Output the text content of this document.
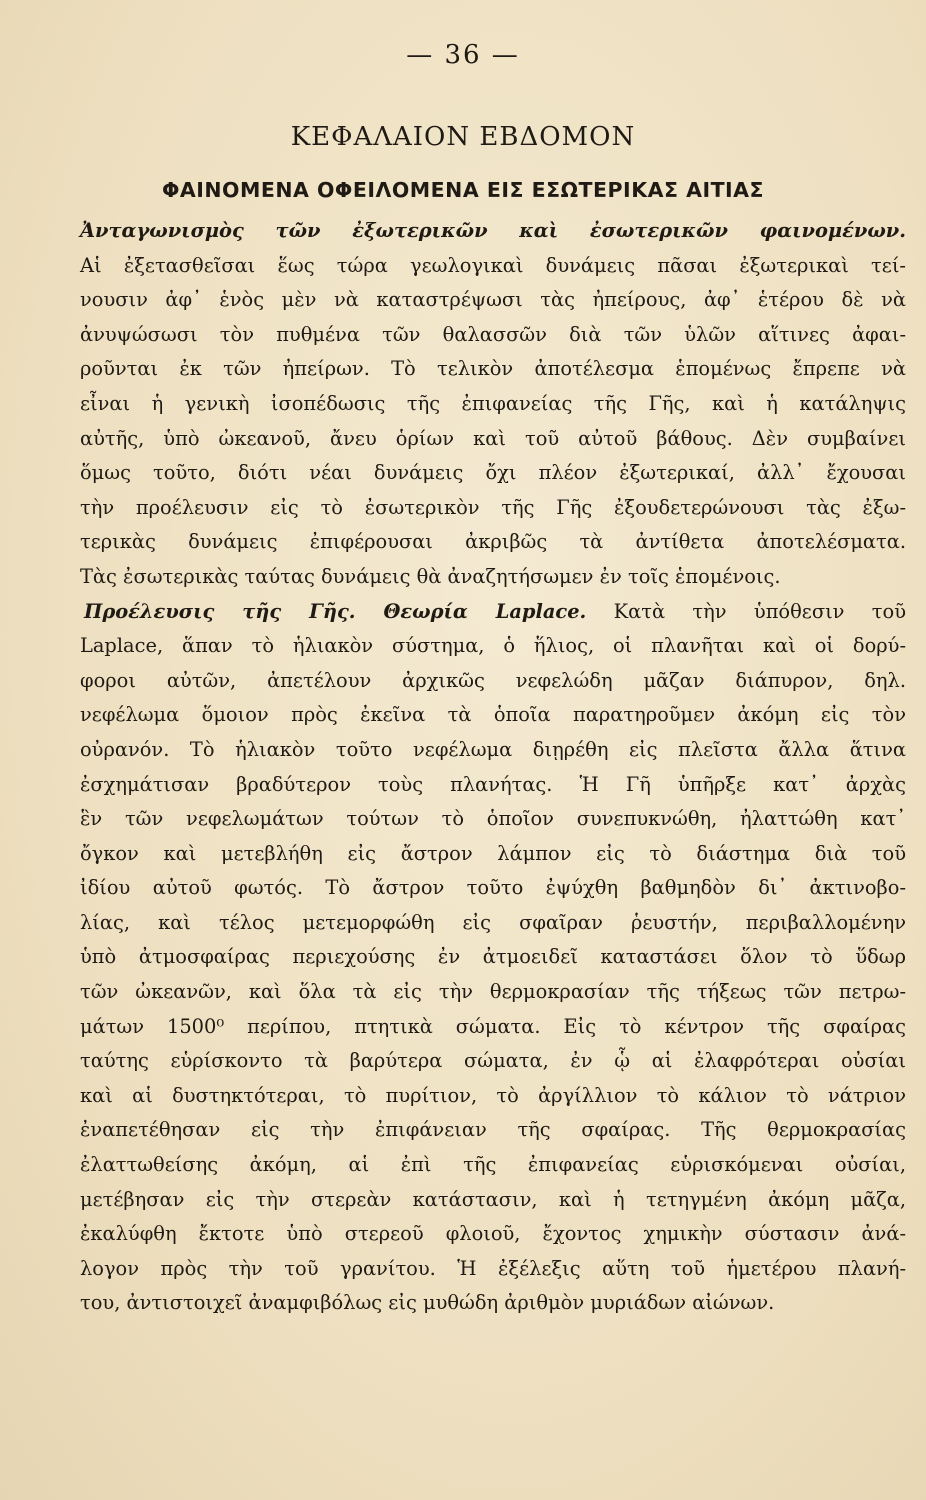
— 36 —
ΚΕΦΑΛΑΙΟΝ ΕΒΔΟΜΟΝ
ΦΑΙΝΟΜΕΝΑ ΟΦΕΙΛΟΜΕΝΑ ΕΙΣ ΕΣΩΤΕΡΙΚΑΣ ΑΙΤΙΑΣ
Ἀνταγωνισμὸς τῶν ἐξωτερικῶν καὶ ἐσωτερικῶν φαινομένων.
Αἱ ἐξετασθεῖσαι ἕως τώρα γεωλογικαὶ δυνάμεις πᾶσαι ἐξωτερικαὶ τεί-
νουσιν ἀφ᾽ ἑνὸς μὲν νὰ καταστρέψωσι τὰς ἠπείρους, ἀφ᾽ ἑτέρου δὲ νὰ
ἀνυψώσωσι τὸν πυθμένα τῶν θαλασσῶν διὰ τῶν ὑλῶν αἵτινες ἀφαι-
ροῦνται ἐκ τῶν ἠπείρων. Τὸ τελικὸν ἀποτέλεσμα ἑπομένως ἔπρεπε νὰ
εἶναι ἡ γενικὴ ἰσοπέδωσις τῆς ἐπιφανείας τῆς Γῆς, καὶ ἡ κατάληψις
αὐτῆς, ὑπὸ ὠκεανοῦ, ἄνευ ὁρίων καὶ τοῦ αὐτοῦ βάθους. Δὲν συμβαίνει
ὅμως τοῦτο, διότι νέαι δυνάμεις ὄχι πλέον ἐξωτερικαί, ἀλλ᾽ ἔχουσαι
τὴν προέλευσιν εἰς τὸ ἐσωτερικὸν τῆς Γῆς ἐξουδετερώνουσι τὰς ἐξω-
τερικὰς δυνάμεις ἐπιφέρουσαι ἀκριβῶς τὰ ἀντίθετα ἀποτελέσματα.
Τὰς ἐσωτερικὰς ταύτας δυνάμεις θὰ ἀναζητήσωμεν ἐν τοῖς ἑπομένοις.
Προέλευσις τῆς Γῆς. Θεωρία Laplace. Κατὰ τὴν ὑπόθεσιν τοῦ
Laplace, ἅπαν τὸ ἡλιακὸν σύστημα, ὁ ἥλιος, οἱ πλανῆται καὶ οἱ δορύ-
φοροι αὐτῶν, ἀπετέλουν ἀρχικῶς νεφελώδη μᾶζαν διάπυρον, δηλ.
νεφέλωμα ὅμοιον πρὸς ἐκεῖνα τὰ ὁποῖα παρατηροῦμεν ἀκόμη εἰς τὸν
οὐρανόν. Τὸ ἡλιακὸν τοῦτο νεφέλωμα διῃρέθη εἰς πλεῖστα ἄλλα ἅτινα
ἐσχημάτισαν βραδύτερον τοὺς πλανήτας. Ἡ Γῆ ὑπῆρξε κατ᾽ ἀρχὰς
ἓν τῶν νεφελωμάτων τούτων τὸ ὁποῖον συνεπυκνώθη, ἠλαττώθη κατ᾽
ὄγκον καὶ μετεβλήθη εἰς ἄστρον λάμπον εἰς τὸ διάστημα διὰ τοῦ
ἰδίου αὐτοῦ φωτός. Τὸ ἄστρον τοῦτο ἐψύχθη βαθμηδὸν δι᾽ ἀκτινοβο-
λίας, καὶ τέλος μετεμορφώθη εἰς σφαῖραν ῥευστήν, περιβαλλομένην
ὑπὸ ἀτμοσφαίρας περιεχούσης ἐν ἀτμοειδεῖ καταστάσει ὅλον τὸ ὕδωρ
τῶν ὠκεανῶν, καὶ ὅλα τὰ εἰς τὴν θερμοκρασίαν τῆς τήξεως τῶν πετρω-
μάτων 1500⁰ περίπου, πτητικὰ σώματα. Εἰς τὸ κέντρον τῆς σφαίρας
ταύτης εὑρίσκοντο τὰ βαρύτερα σώματα, ἐν ᾧ αἱ ἐλαφρότεραι οὐσίαι
καὶ αἱ δυστηκτότεραι, τὸ πυρίτιον, τὸ ἀργίλλιον τὸ κάλιον τὸ νάτριον
ἐναπετέθησαν εἰς τὴν ἐπιφάνειαν τῆς σφαίρας. Τῆς θερμοκρασίας
ἐλαττωθείσης ἀκόμη, αἱ ἐπὶ τῆς ἐπιφανείας εὑρισκόμεναι οὐσίαι,
μετέβησαν εἰς τὴν στερεὰν κατάστασιν, καὶ ἡ τετηγμένη ἀκόμη μᾶζα,
ἐκαλύφθη ἔκτοτε ὑπὸ στερεοῦ φλοιοῦ, ἔχοντος χημικὴν σύστασιν ἀνά-
λογον πρὸς τὴν τοῦ γρανίτου. Ἡ ἐξέλεξις αὕτη τοῦ ἡμετέρου πλανή-
του, ἀντιστοιχεῖ ἀναμφιβόλως εἰς μυθώδη ἀριθμὸν μυριάδων αἰώνων.
